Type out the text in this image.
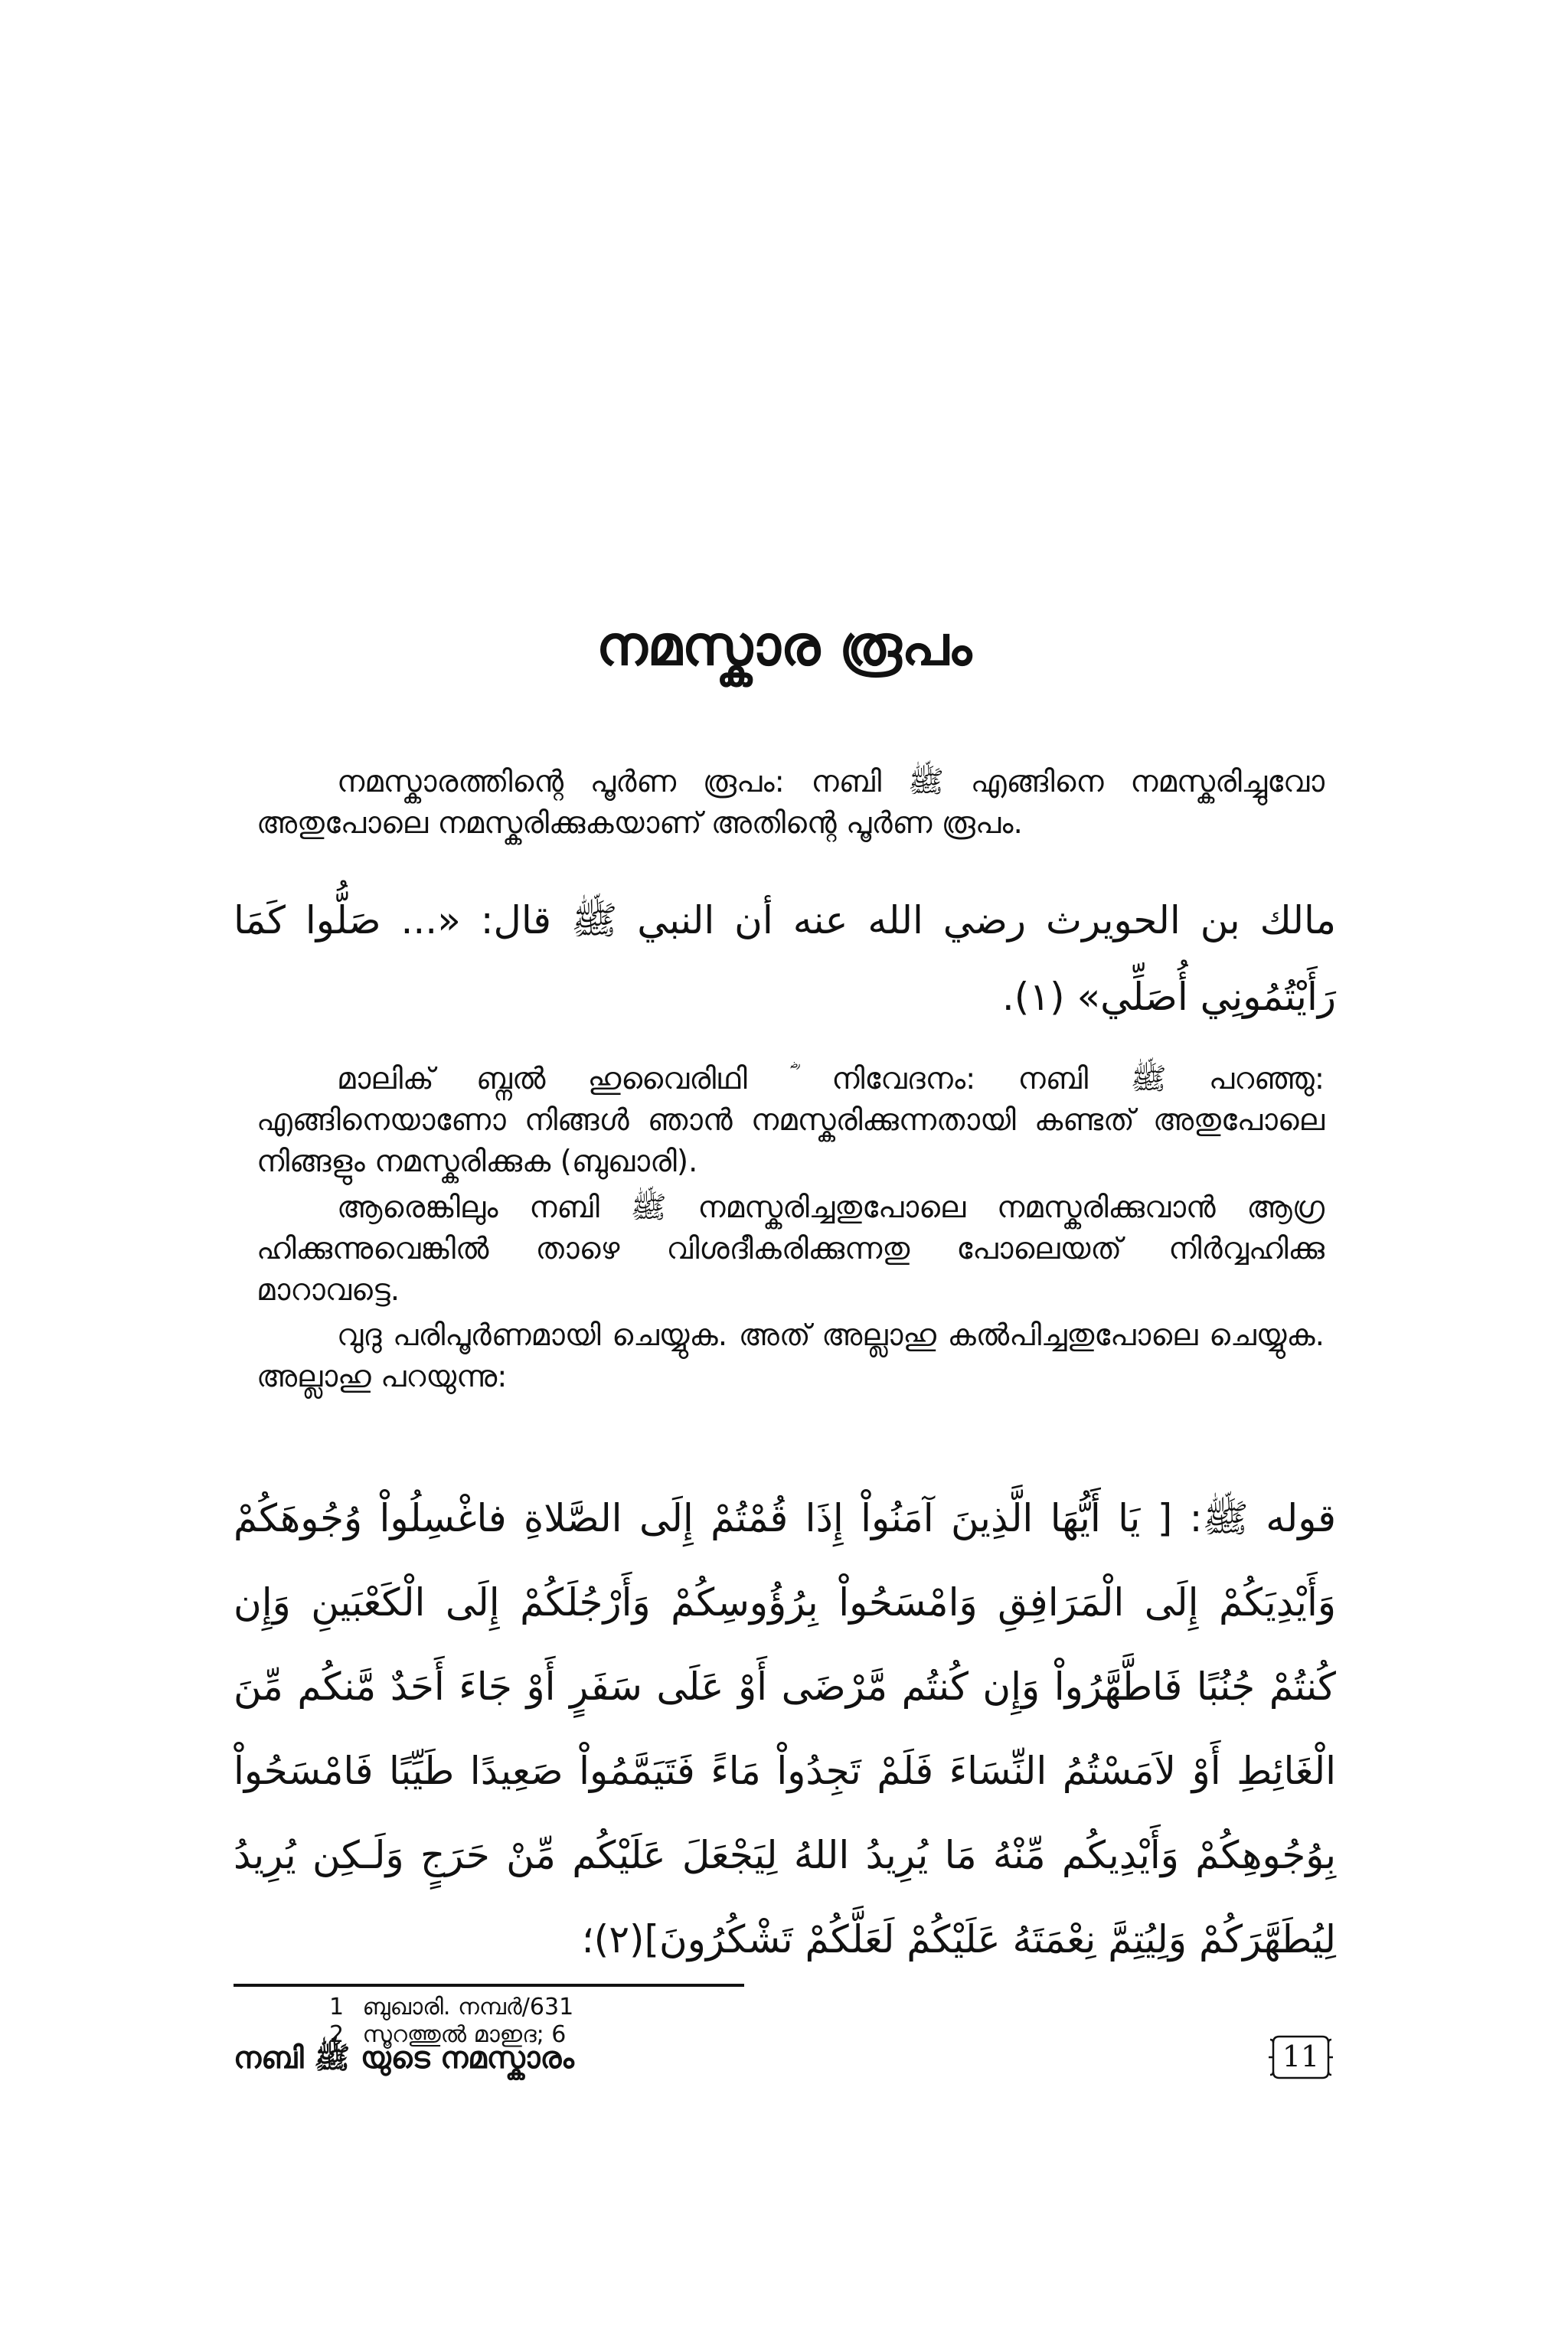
നമസ്കാര രൂപം

നമസ്കാരത്തിന്റെ പൂർണ രൂപം: നബി ﷺ എങ്ങിനെ നമസ്കരിച്ചുവോ അതുപോലെ നമസ്കരിക്കുകയാണ് അതിന്റെ പൂർണ രൂപം.

مالك بن الحويرث رضي الله عنه أن النبي ﷺ قال: «... صَلُّوا كَمَا رَأَيْتُمُونِي أُصَلِّي» (١).

മാലിക് ബ്നൽ ഹുവൈരിഥി ؓ നിവേദനം: നബി ﷺ പറഞ്ഞു: എങ്ങിനെയാണോ നിങ്ങൾ ഞാൻ നമസ്കരിക്കുന്നതായി കണ്ടത് അതുപോലെ നിങ്ങളും നമസ്കരിക്കുക (ബുഖാരി).

ആരെങ്കിലും നബി ﷺ നമസ്കരിച്ചതുപോലെ നമസ്കരിക്കുവാൻ ആഗ്ര ഹിക്കുന്നുവെങ്കിൽ താഴെ വിശദീകരിക്കുന്നതു പോലെയത് നിർവ്വഹിക്കു മാറാവട്ടെ.

വുദു പരിപൂർണമായി ചെയ്യുക. അത് അല്ലാഹു കൽപിച്ചതുപോലെ ചെയ്യുക. അല്ലാഹു പറയുന്നു:

قوله ﷺ: [ يَا أَيُّهَا الَّذِينَ آمَنُواْ إِذَا قُمْتُمْ إِلَى الصَّلاةِ فاغْسِلُواْ وُجُوهَكُمْ وَأَيْدِيَكُمْ إِلَى الْمَرَافِقِ وَامْسَحُواْ بِرُؤُوسِكُمْ وَأَرْجُلَكُمْ إِلَى الْكَعْبَينِ وَإِن كُنتُمْ جُنُبًا فَاطَّهَّرُواْ وَإِن كُنتُم مَّرْضَى أَوْ عَلَى سَفَرٍ أَوْ جَاءَ أَحَدٌ مَّنكُم مِّنَ الْغَائِطِ أَوْ لاَمَسْتُمُ النِّسَاءَ فَلَمْ تَجِدُواْ مَاءً فَتَيَمَّمُواْ صَعِيدًا طَيِّبًا فَامْسَحُواْ بِوُجُوهِكُمْ وَأَيْدِيكُم مِّنْهُ مَا يُرِيدُ اللهُ لِيَجْعَلَ عَلَيْكُم مِّنْ حَرَجٍ وَلَـكِن يُرِيدُ لِيُطَهَّرَكُمْ وَلِيُتِمَّ نِعْمَتَهُ عَلَيْكُمْ لَعَلَّكُمْ تَشْكُرُونَ](٢)؛

1 ബുഖാരി. നമ്പർ/631
2 സൂറത്തുൽ മാഇദ; 6
നബി ﷺ യുടെ നമസ്കാരം	11
